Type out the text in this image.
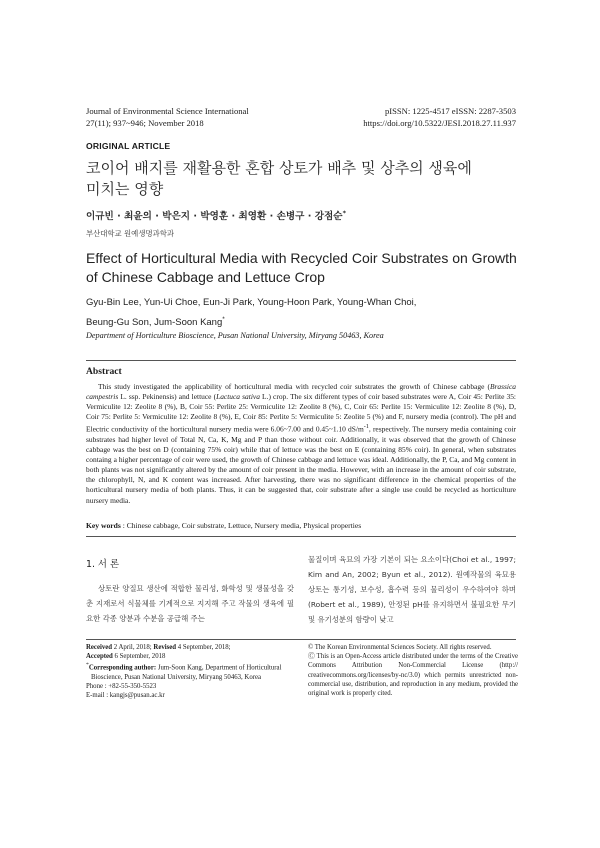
Journal of Environmental Science International
27(11); 937~946; November 2018
pISSN: 1225-4517 eISSN: 2287-3503
https://doi.org/10.5322/JESI.2018.27.11.937
ORIGINAL ARTICLE
코이어 배지를 재활용한 혼합 상토가 배추 및 상추의 생육에
미치는 영향
이규빈 · 최윤의 · 박은지 · 박영훈 · 최영환 · 손병구 · 강점순*
부산대학교 원예생명과학과
Effect of Horticultural Media with Recycled Coir Substrates on Growth of Chinese Cabbage and Lettuce Crop
Gyu-Bin Lee, Yun-Ui Choe, Eun-Ji Park, Young-Hoon Park, Young-Whan Choi,
Beung-Gu Son, Jum-Soon Kang*
Department of Horticulture Bioscience, Pusan National University, Miryang 50463, Korea
Abstract
This study investigated the applicability of horticultural media with recycled coir substrates the growth of Chinese cabbage (Brassica campestris L. ssp. Pekinensis) and lettuce (Lactuca sativa L.) crop. The six different types of coir based substrates were A, Coir 45: Perlite 35: Vermiculite 12: Zeolite 8 (%), B, Coir 55: Perlite 25: Vermiculite 12: Zeolite 8 (%), C, Coir 65: Perlite 15: Vermiculite 12: Zeolite 8 (%), D, Coir 75: Perlite 5: Vermiculite 12: Zeolite 8 (%), E, Coir 85: Perlite 5: Vermiculite 5: Zeolite 5 (%) and F, nursery media (control). The pH and Electric conductivity of the horticultural nursery media were 6.06~7.00 and 0.45~1.10 $dS/m^{-1}$, respectively. The nursery media containing coir substrates had higher level of Total N, Ca, K, Mg and P than those without coir. Additionally, it was observed that the growth of Chinese cabbage was the best on D (containing 75% coir) while that of lettuce was the best on E (containing 85% coir). In general, when substrates containg a higher percentage of coir were used, the growth of Chinese cabbage and lettuce was ideal. Additionally, the P, Ca, and Mg content in both plants was not significantly altered by the amount of coir present in the media. However, with an increase in the amount of coir substrate, the chlorophyll, N, and K content was increased. After harvesting, there was no significant difference in the chemical properties of the horticultural nursery media of both plants. Thus, it can be suggested that, coir substrate after a single use could be recycled as horticulture nursery media.
Key words : Chinese cabbage, Coir substrate, Lettuce, Nursery media, Physical properties
1. 서 론
상토란 양질묘 생산에 적합한 물리성, 화학성 및 생물성을 갖춘 지재로서 식물체를 기계적으로 지지해 주고 작물의 생육에 필요한 각종 양분과 수분을 공급해 주는
물질이며 육묘의 가장 기본이 되는 요소이다(Choi et al., 1997; Kim and An, 2002; Byun et al., 2012). 원예작물의 육묘용 상토는 통기성, 보수성, 흡수력 등의 물리성이 우수하여야 하며(Robert et al., 1989), 안정된 pH를 유지하면서 불필요한 무기 및 유기성분의 함량이 낮고
Received 2 April, 2018; Revised 4 September, 2018;
Accepted 6 September, 2018
*Corresponding author: Jum-Soon Kang, Department of Horticultural
Bioscience, Pusan National University, Miryang 50463, Korea
Phone : +82-55-350-5523
E-mail : kangjs@pusan.ac.kr
© The Korean Environmental Sciences Society. All rights reserved.
Ⓒ This is an Open-Access article distributed under the terms of the Creative Commons Attribution Non-Commercial License (http:// creativecommons.org/licenses/by-nc/3.0) which permits unrestricted non-commercial use, distribution, and reproduction in any medium, provided the original work is properly cited.
